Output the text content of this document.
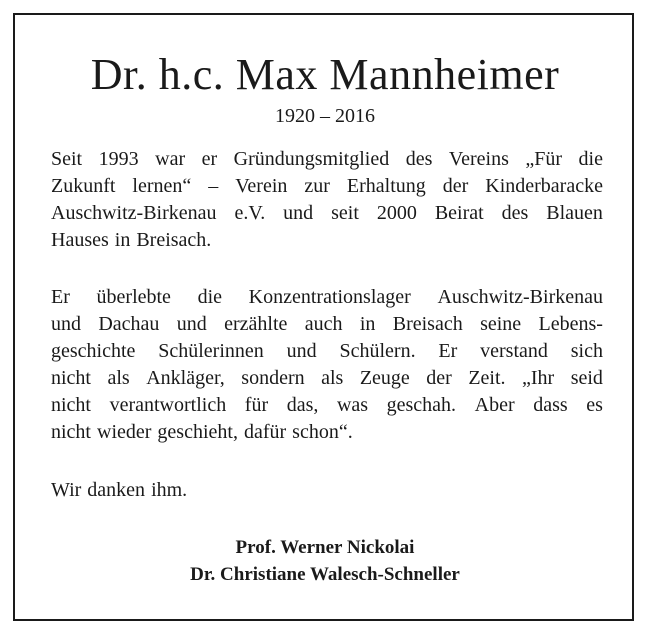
Dr. h.c. Max Mannheimer
1920 – 2016
Seit 1993 war er Gründungsmitglied des Vereins „Für die
Zukunft lernen“ – Verein zur Erhaltung der Kinderbaracke
Auschwitz-Birkenau e.V. und seit 2000 Beirat des Blauen
Hauses in Breisach.
Er überlebte die Konzentrationslager Auschwitz-Birkenau
und Dachau und erzählte auch in Breisach seine Lebens-
geschichte Schülerinnen und Schülern. Er verstand sich
nicht als Ankläger, sondern als Zeuge der Zeit. „Ihr seid
nicht verantwortlich für das, was geschah. Aber dass es
nicht wieder geschieht, dafür schon“.
Wir danken ihm.
Prof. Werner Nickolai
Dr. Christiane Walesch-Schneller
